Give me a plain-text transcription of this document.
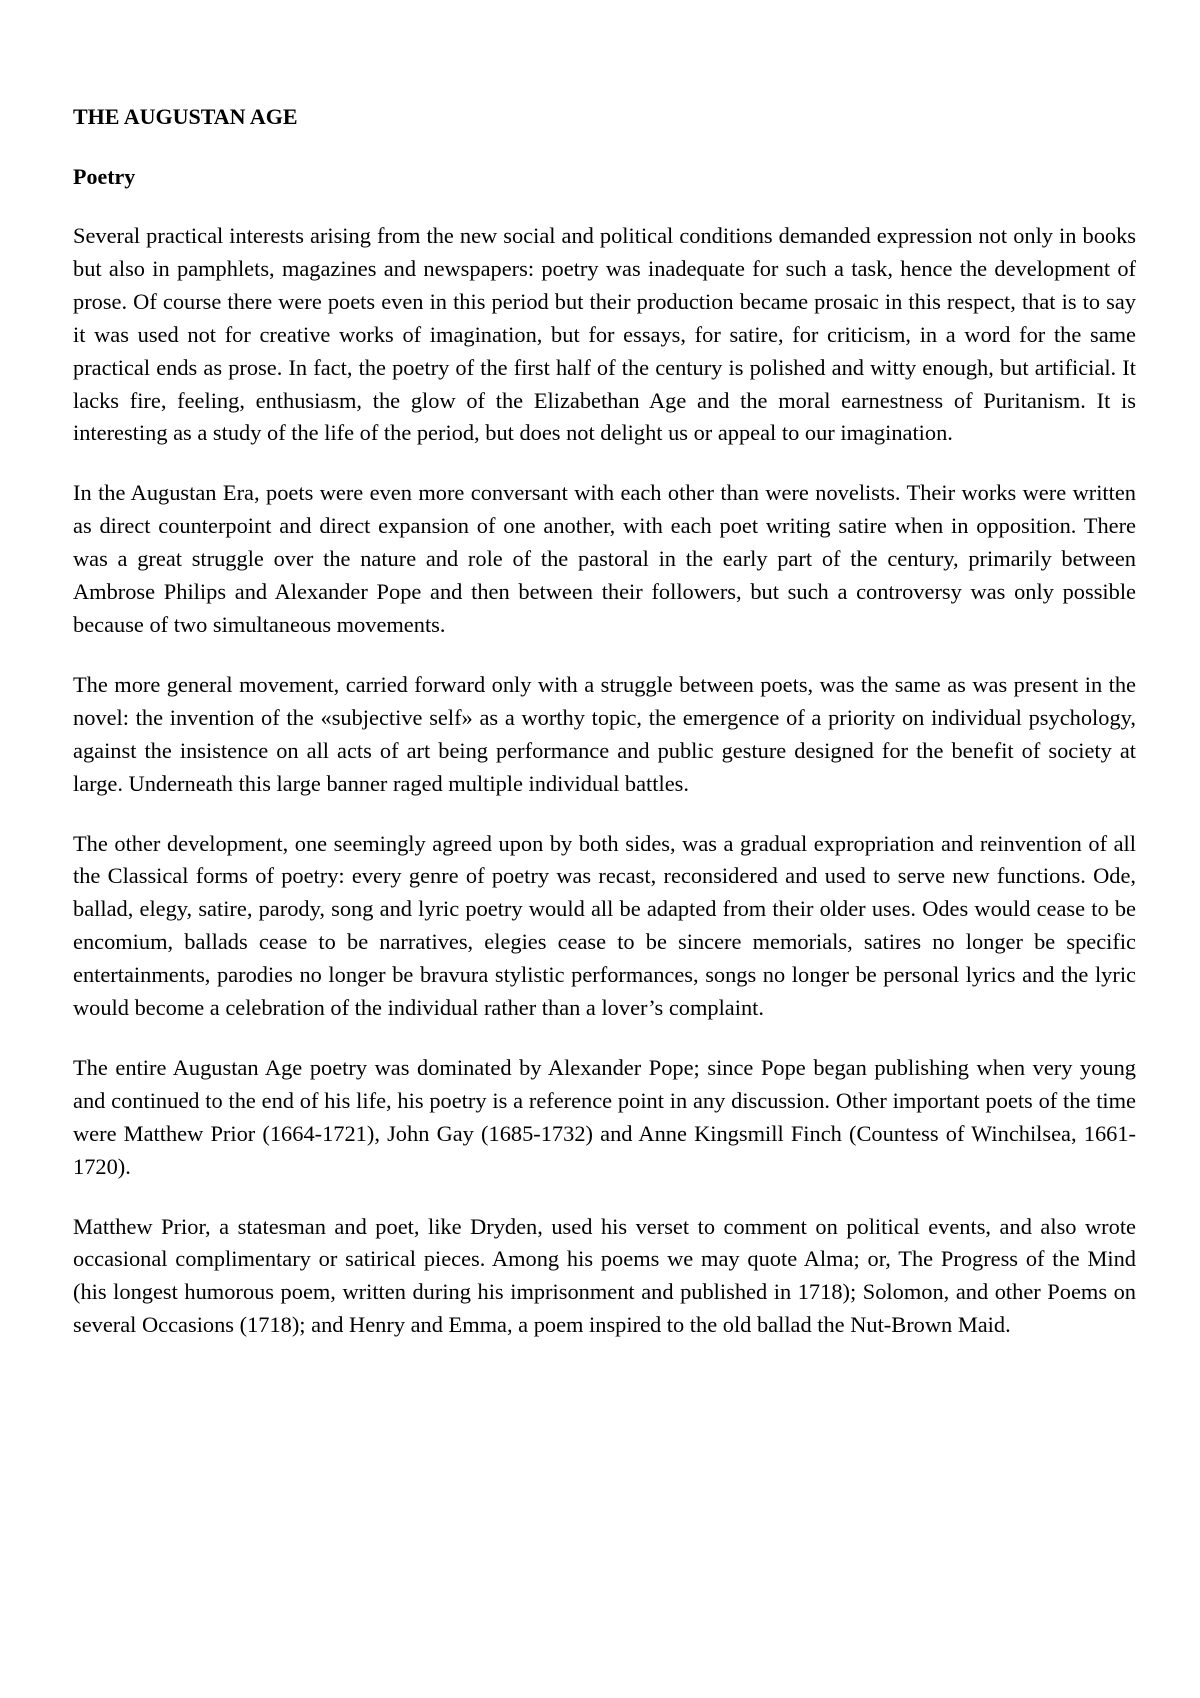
THE AUGUSTAN AGE
Poetry

Several practical interests arising from the new social and political conditions demanded expression not only in books but also in pamphlets, magazines and newspapers: poetry was inadequate for such a task, hence the development of prose. Of course there were poets even in this period but their production became prosaic in this respect, that is to say it was used not for creative works of imagination, but for essays, for satire, for criticism, in a word for the same practical ends as prose. In fact, the poetry of the first half of the century is polished and witty enough, but artificial. It lacks fire, feeling, enthusiasm, the glow of the Elizabethan Age and the moral earnestness of Puritanism. It is interesting as a study of the life of the period, but does not delight us or appeal to our imagination.

In the Augustan Era, poets were even more conversant with each other than were novelists. Their works were written as direct counterpoint and direct expansion of one another, with each poet writing satire when in opposition. There was a great struggle over the nature and role of the pastoral in the early part of the century, primarily between Ambrose Philips and Alexander Pope and then between their followers, but such a controversy was only possible because of two simultaneous movements.

The more general movement, carried forward only with a struggle between poets, was the same as was present in the novel: the invention of the «subjective self» as a worthy topic, the emergence of a priority on individual psychology, against the insistence on all acts of art being performance and public gesture designed for the benefit of society at large. Underneath this large banner raged multiple individual battles.

The other development, one seemingly agreed upon by both sides, was a gradual expropriation and reinvention of all the Classical forms of poetry: every genre of poetry was recast, reconsidered and used to serve new functions. Ode, ballad, elegy, satire, parody, song and lyric poetry would all be adapted from their older uses. Odes would cease to be encomium, ballads cease to be narratives, elegies cease to be sincere memorials, satires no longer be specific entertainments, parodies no longer be bravura stylistic performances, songs no longer be personal lyrics and the lyric would become a celebration of the individual rather than a lover’s complaint.

The entire Augustan Age poetry was dominated by Alexander Pope; since Pope began publishing when very young and continued to the end of his life, his poetry is a reference point in any discussion. Other important poets of the time were Matthew Prior (1664-1721), John Gay (1685-1732) and Anne Kingsmill Finch (Countess of Winchilsea, 1661-1720).

Matthew Prior, a statesman and poet, like Dryden, used his verset to comment on political events, and also wrote occasional complimentary or satirical pieces. Among his poems we may quote Alma; or, The Progress of the Mind (his longest humorous poem, written during his imprisonment and published in 1718); Solomon, and other Poems on several Occasions (1718); and Henry and Emma, a poem inspired to the old ballad the Nut-Brown Maid.
